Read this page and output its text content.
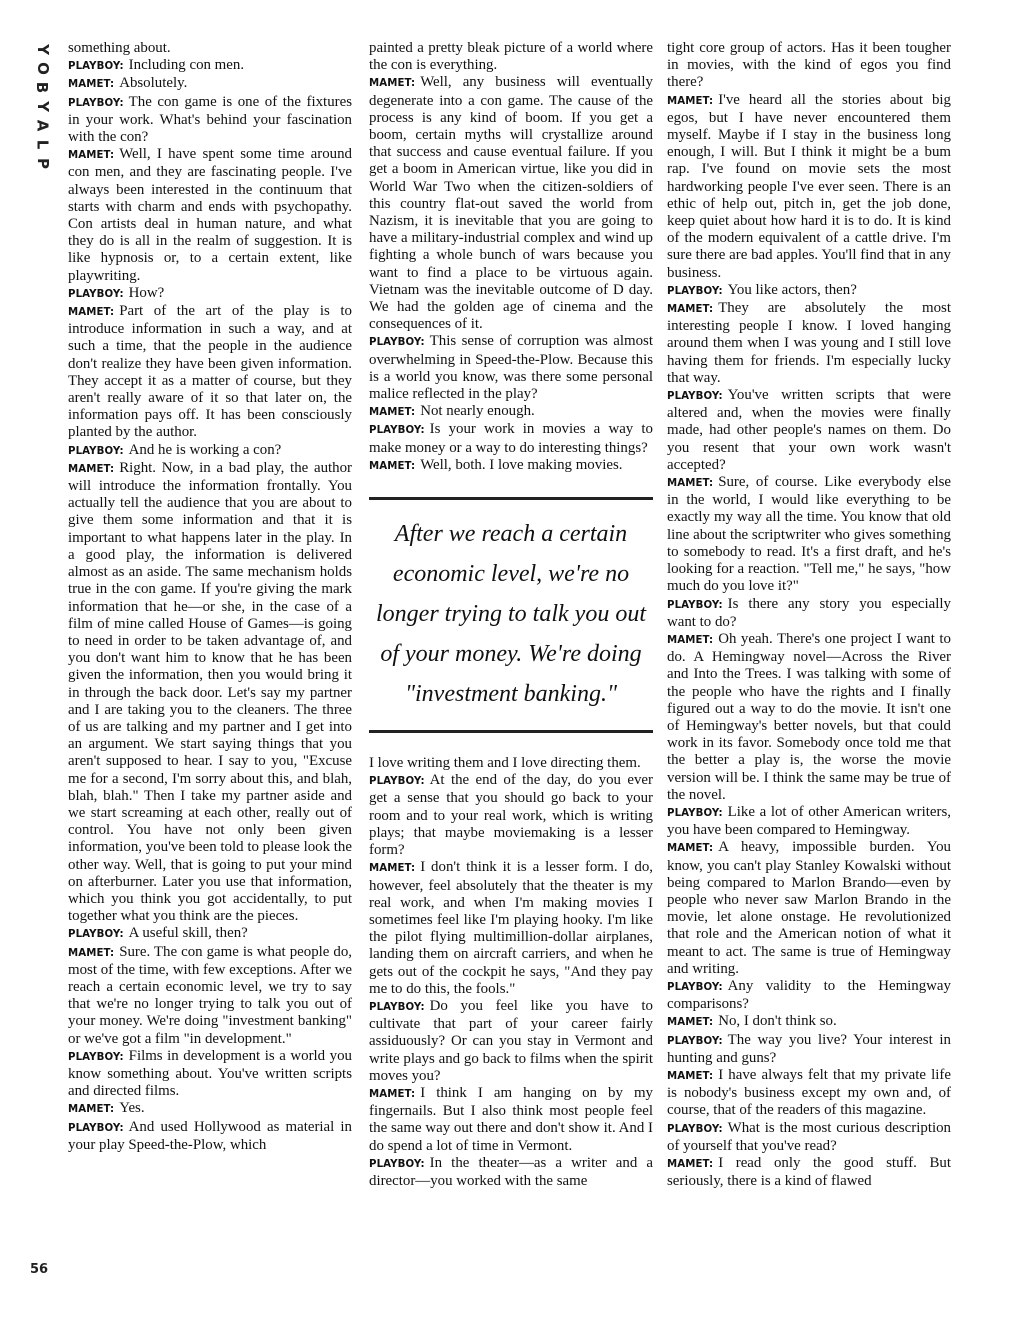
Y
O
B
Y
A
L
P
56

something about.

PLAYBOY: Including con men.

MAMET: Absolutely.

PLAYBOY: The con game is one of the fixtures in your work. What's behind your fascination with the con?

MAMET: Well, I have spent some time around con men, and they are fascinating people. I've always been interested in the continuum that starts with charm and ends with psychopathy. Con artists deal in human nature, and what they do is all in the realm of suggestion. It is like hypnosis or, to a certain extent, like playwriting.

PLAYBOY: How?

MAMET: Part of the art of the play is to introduce information in such a way, and at such a time, that the people in the audience don't realize they have been given information. They accept it as a matter of course, but they aren't really aware of it so that later on, the information pays off. It has been consciously planted by the author.

PLAYBOY: And he is working a con?

MAMET: Right. Now, in a bad play, the author will introduce the information frontally. You actually tell the audience that you are about to give them some information and that it is important to what happens later in the play. In a good play, the information is delivered almost as an aside. The same mechanism holds true in the con game. If you're giving the mark information that he—or she, in the case of a film of mine called House of Games—is going to need in order to be taken advantage of, and you don't want him to know that he has been given the information, then you would bring it in through the back door. Let's say my partner and I are taking you to the cleaners. The three of us are talking and my partner and I get into an argument. We start saying things that you aren't supposed to hear. I say to you, "Excuse me for a second, I'm sorry about this, and blah, blah, blah." Then I take my partner aside and we start screaming at each other, really out of control. You have not only been given information, you've been told to please look the other way. Well, that is going to put your mind on afterburner. Later you use that information, which you think you got accidentally, to put together what you think are the pieces.

PLAYBOY: A useful skill, then?

MAMET: Sure. The con game is what people do, most of the time, with few exceptions. After we reach a certain economic level, we try to say that we're no longer trying to talk you out of your money. We're doing "investment banking" or we've got a film "in development."

PLAYBOY: Films in development is a world you know something about. You've written scripts and directed films.

MAMET: Yes.

PLAYBOY: And used Hollywood as material in your play Speed-the-Plow, which

painted a pretty bleak picture of a world where the con is everything.

MAMET: Well, any business will eventually degenerate into a con game. The cause of the process is any kind of boom. If you get a boom, certain myths will crystallize around that success and cause eventual failure. If you get a boom in American virtue, like you did in World War Two when the citizen-soldiers of this country flat-out saved the world from Nazism, it is inevitable that you are going to have a military-industrial complex and wind up fighting a whole bunch of wars because you want to find a place to be virtuous again. Vietnam was the inevitable outcome of D day. We had the golden age of cinema and the consequences of it.

PLAYBOY: This sense of corruption was almost overwhelming in Speed-the-Plow. Because this is a world you know, was there some personal malice reflected in the play?

MAMET: Not nearly enough.

PLAYBOY: Is your work in movies a way to make money or a way to do interesting things?

MAMET: Well, both. I love making movies.

After we reach a certain economic level, we're no longer trying to talk you out of your money. We're doing "investment banking."

I love writing them and I love directing them.

PLAYBOY: At the end of the day, do you ever get a sense that you should go back to your room and to your real work, which is writing plays; that maybe moviemaking is a lesser form?

MAMET: I don't think it is a lesser form. I do, however, feel absolutely that the theater is my real work, and when I'm making movies I sometimes feel like I'm playing hooky. I'm like the pilot flying multimillion-dollar airplanes, landing them on aircraft carriers, and when he gets out of the cockpit he says, "And they pay me to do this, the fools."

PLAYBOY: Do you feel like you have to cultivate that part of your career fairly assiduously? Or can you stay in Vermont and write plays and go back to films when the spirit moves you?

MAMET: I think I am hanging on by my fingernails. But I also think most people feel the same way out there and don't show it. And I do spend a lot of time in Vermont.

PLAYBOY: In the theater—as a writer and a director—you worked with the same

tight core group of actors. Has it been tougher in movies, with the kind of egos you find there?

MAMET: I've heard all the stories about big egos, but I have never encountered them myself. Maybe if I stay in the business long enough, I will. But I think it might be a bum rap. I've found on movie sets the most hardworking people I've ever seen. There is an ethic of help out, pitch in, get the job done, keep quiet about how hard it is to do. It is kind of the modern equivalent of a cattle drive. I'm sure there are bad apples. You'll find that in any business.

PLAYBOY: You like actors, then?

MAMET: They are absolutely the most interesting people I know. I loved hanging around them when I was young and I still love having them for friends. I'm especially lucky that way.

PLAYBOY: You've written scripts that were altered and, when the movies were finally made, had other people's names on them. Do you resent that your own work wasn't accepted?

MAMET: Sure, of course. Like everybody else in the world, I would like everything to be exactly my way all the time. You know that old line about the scriptwriter who gives something to somebody to read. It's a first draft, and he's looking for a reaction. "Tell me," he says, "how much do you love it?"

PLAYBOY: Is there any story you especially want to do?

MAMET: Oh yeah. There's one project I want to do. A Hemingway novel—Across the River and Into the Trees. I was talking with some of the people who have the rights and I finally figured out a way to do the movie. It isn't one of Hemingway's better novels, but that could work in its favor. Somebody once told me that the better a play is, the worse the movie version will be. I think the same may be true of the novel.

PLAYBOY: Like a lot of other American writers, you have been compared to Hemingway.

MAMET: A heavy, impossible burden. You know, you can't play Stanley Kowalski without being compared to Marlon Brando—even by people who never saw Marlon Brando in the movie, let alone onstage. He revolutionized that role and the American notion of what it meant to act. The same is true of Hemingway and writing.

PLAYBOY: Any validity to the Hemingway comparisons?

MAMET: No, I don't think so.

PLAYBOY: The way you live? Your interest in hunting and guns?

MAMET: I have always felt that my private life is nobody's business except my own and, of course, that of the readers of this magazine.

PLAYBOY: What is the most curious description of yourself that you've read?

MAMET: I read only the good stuff. But seriously, there is a kind of flawed
